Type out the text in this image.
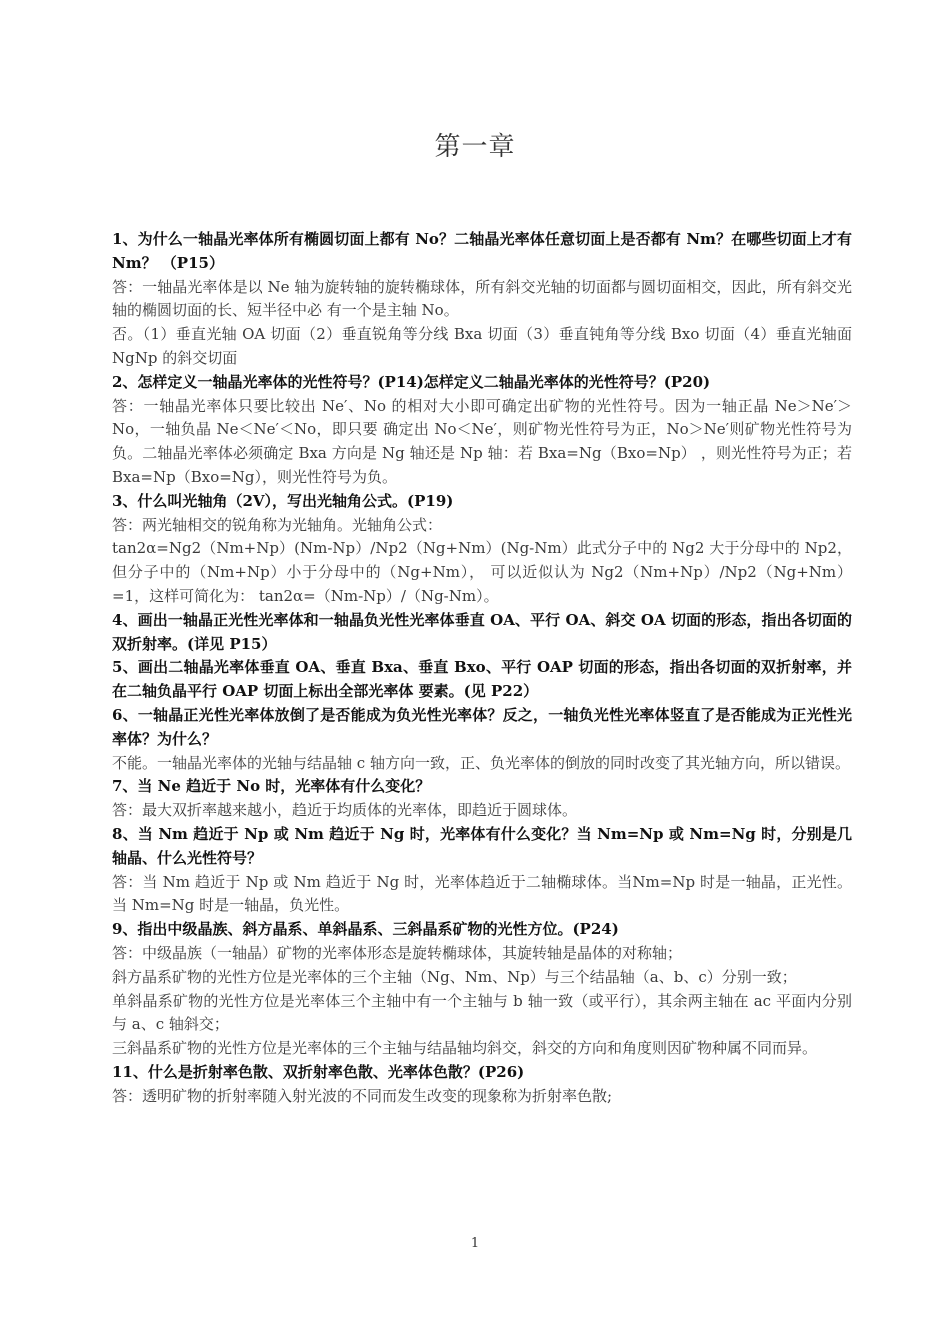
第一章

1、为什么一轴晶光率体所有椭圆切面上都有 No？二轴晶光率体任意切面上是否都有 Nm？在哪些切面上才有 Nm？ （P15）

答：一轴晶光率体是以 Ne 轴为旋转轴的旋转椭球体，所有斜交光轴的切面都与圆切面相交，因此，所有斜交光轴的椭圆切面的长、短半径中必 有一个是主轴 No。

否。（1）垂直光轴 OA 切面（2）垂直锐角等分线 Bxa 切面（3）垂直钝角等分线 Bxo 切面（4）垂直光轴面 NgNp 的斜交切面

2、怎样定义一轴晶光率体的光性符号？(P14)怎样定义二轴晶光率体的光性符号？(P20)

答：一轴晶光率体只要比较出 Ne′、No 的相对大小即可确定出矿物的光性符号。因为一轴正晶 Ne＞Ne′＞No，一轴负晶 Ne＜Ne′＜No，即只要 确定出 No＜Ne′，则矿物光性符号为正，No＞Ne′则矿物光性符号为负。二轴晶光率体必须确定 Bxa 方向是 Ng 轴还是 Np 轴：若 Bxa=Ng（Bxo=Np） ，则光性符号为正；若 Bxa=Np（Bxo=Ng），则光性符号为负。

3、什么叫光轴角（2V），写出光轴角公式。(P19)

答：两光轴相交的锐角称为光轴角。光轴角公式：

tan2α=Ng2（Nm+Np）(Nm-Np）/Np2（Ng+Nm）(Ng-Nm）此式分子中的 Ng2 大于分母中的 Np2，但分子中的（Nm+Np）小于分母中的（Ng+Nm）， 可以近似认为 Ng2（Nm+Np）/Np2（Ng+Nm）=1，这样可简化为： tan2α=（Nm-Np）/（Ng-Nm）。

4、画出一轴晶正光性光率体和一轴晶负光性光率体垂直 OA、平行 OA、斜交 OA 切面的形态，指出各切面的双折射率。(详见 P15）

5、画出二轴晶光率体垂直 OA、垂直 Bxa、垂直 Bxo、平行 OAP 切面的形态，指出各切面的双折射率，并在二轴负晶平行 OAP 切面上标出全部光率体 要素。(见 P22）

6、一轴晶正光性光率体放倒了是否能成为负光性光率体？反之，一轴负光性光率体竖直了是否能成为正光性光率体？为什么？

不能。一轴晶光率体的光轴与结晶轴 c 轴方向一致，正、负光率体的倒放的同时改变了其光轴方向，所以错误。

7、当 Ne 趋近于 No 时，光率体有什么变化？

答：最大双折率越来越小，趋近于均质体的光率体，即趋近于圆球体。

8、当 Nm 趋近于 Np 或 Nm 趋近于 Ng 时，光率体有什么变化？当 Nm=Np 或 Nm=Ng 时，分别是几轴晶、什么光性符号？

答：当 Nm 趋近于 Np 或 Nm 趋近于 Ng 时，光率体趋近于二轴椭球体。当Nm=Np 时是一轴晶，正光性。当 Nm=Ng 时是一轴晶，负光性。

9、指出中级晶族、斜方晶系、单斜晶系、三斜晶系矿物的光性方位。(P24)

答：中级晶族（一轴晶）矿物的光率体形态是旋转椭球体，其旋转轴是晶体的对称轴；

斜方晶系矿物的光性方位是光率体的三个主轴（Ng、Nm、Np）与三个结晶轴（a、b、c）分别一致；

单斜晶系矿物的光性方位是光率体三个主轴中有一个主轴与 b 轴一致（或平行），其余两主轴在 ac 平面内分别与 a、c 轴斜交；

三斜晶系矿物的光性方位是光率体的三个主轴与结晶轴均斜交，斜交的方向和角度则因矿物种属不同而异。

11、什么是折射率色散、双折射率色散、光率体色散？(P26)

答：透明矿物的折射率随入射光波的不同而发生改变的现象称为折射率色散;

1
